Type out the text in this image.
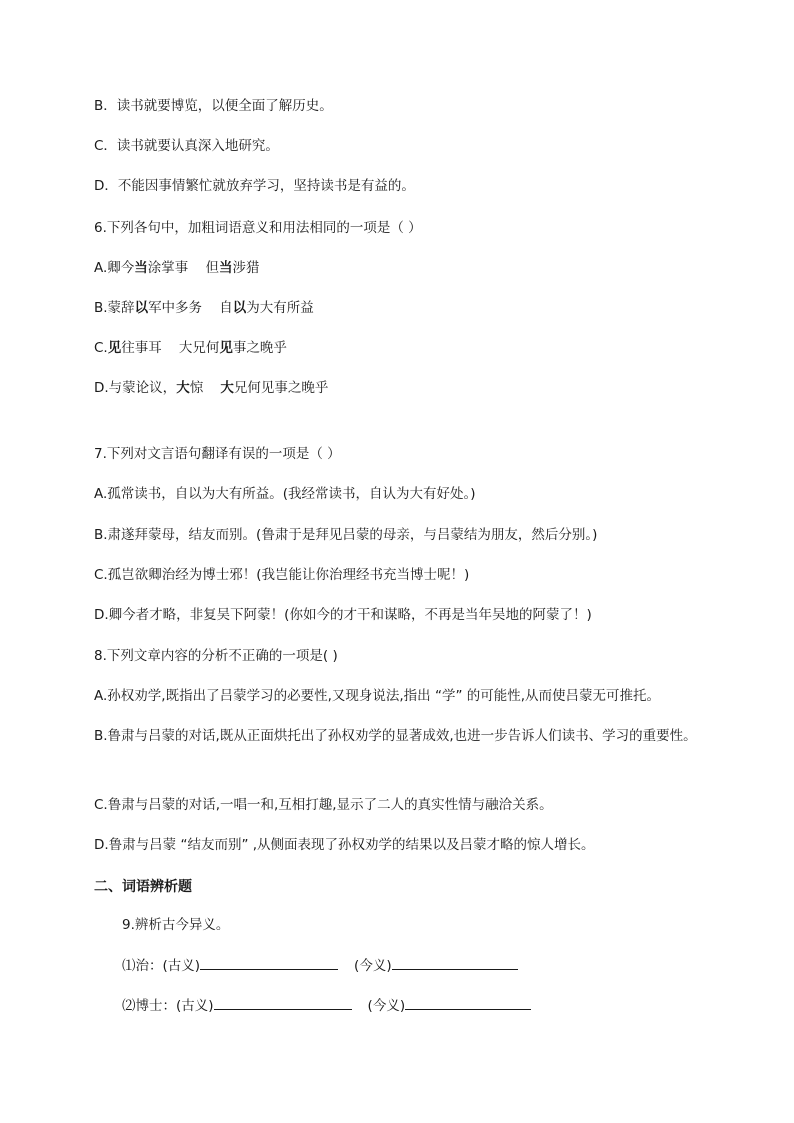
B．读书就要博览，以便全面了解历史。
C．读书就要认真深入地研究。
D．不能因事情繁忙就放弃学习，坚持读书是有益的。
6.下列各句中，加粗词语意义和用法相同的一项是（ ）
A.卿今当涂掌事    但当涉猎
B.蒙辞以军中多务    自以为大有所益
C.见往事耳    大兄何见事之晚乎
D.与蒙论议，大惊    大兄何见事之晚乎
7.下列对文言语句翻译有误的一项是（ ）
A.孤常读书，自以为大有所益。(我经常读书，自认为大有好处。)
B.肃遂拜蒙母，结友而别。(鲁肃于是拜见吕蒙的母亲，与吕蒙结为朋友，然后分别。)
C.孤岂欲卿治经为博士邪！(我岂能让你治理经书充当博士呢！)
D.卿今者才略，非复吴下阿蒙！(你如今的才干和谋略，不再是当年吴地的阿蒙了！)
8.下列文章内容的分析不正确的一项是( )
A.孙权劝学,既指出了吕蒙学习的必要性,又现身说法,指出 “学” 的可能性,从而使吕蒙无可推托。
B.鲁肃与吕蒙的对话,既从正面烘托出了孙权劝学的显著成效,也进一步告诉人们读书、学习的重要性。
C.鲁肃与吕蒙的对话,一唱一和,互相打趣,显示了二人的真实性情与融洽关系。
D.鲁肃与吕蒙 “结友而别” ,从侧面表现了孙权劝学的结果以及吕蒙才略的惊人增长。
二、词语辨析题
9.辨析古今异义。
⑴治：(古义)	(今义)
⑵博士：(古义)	(今义)
